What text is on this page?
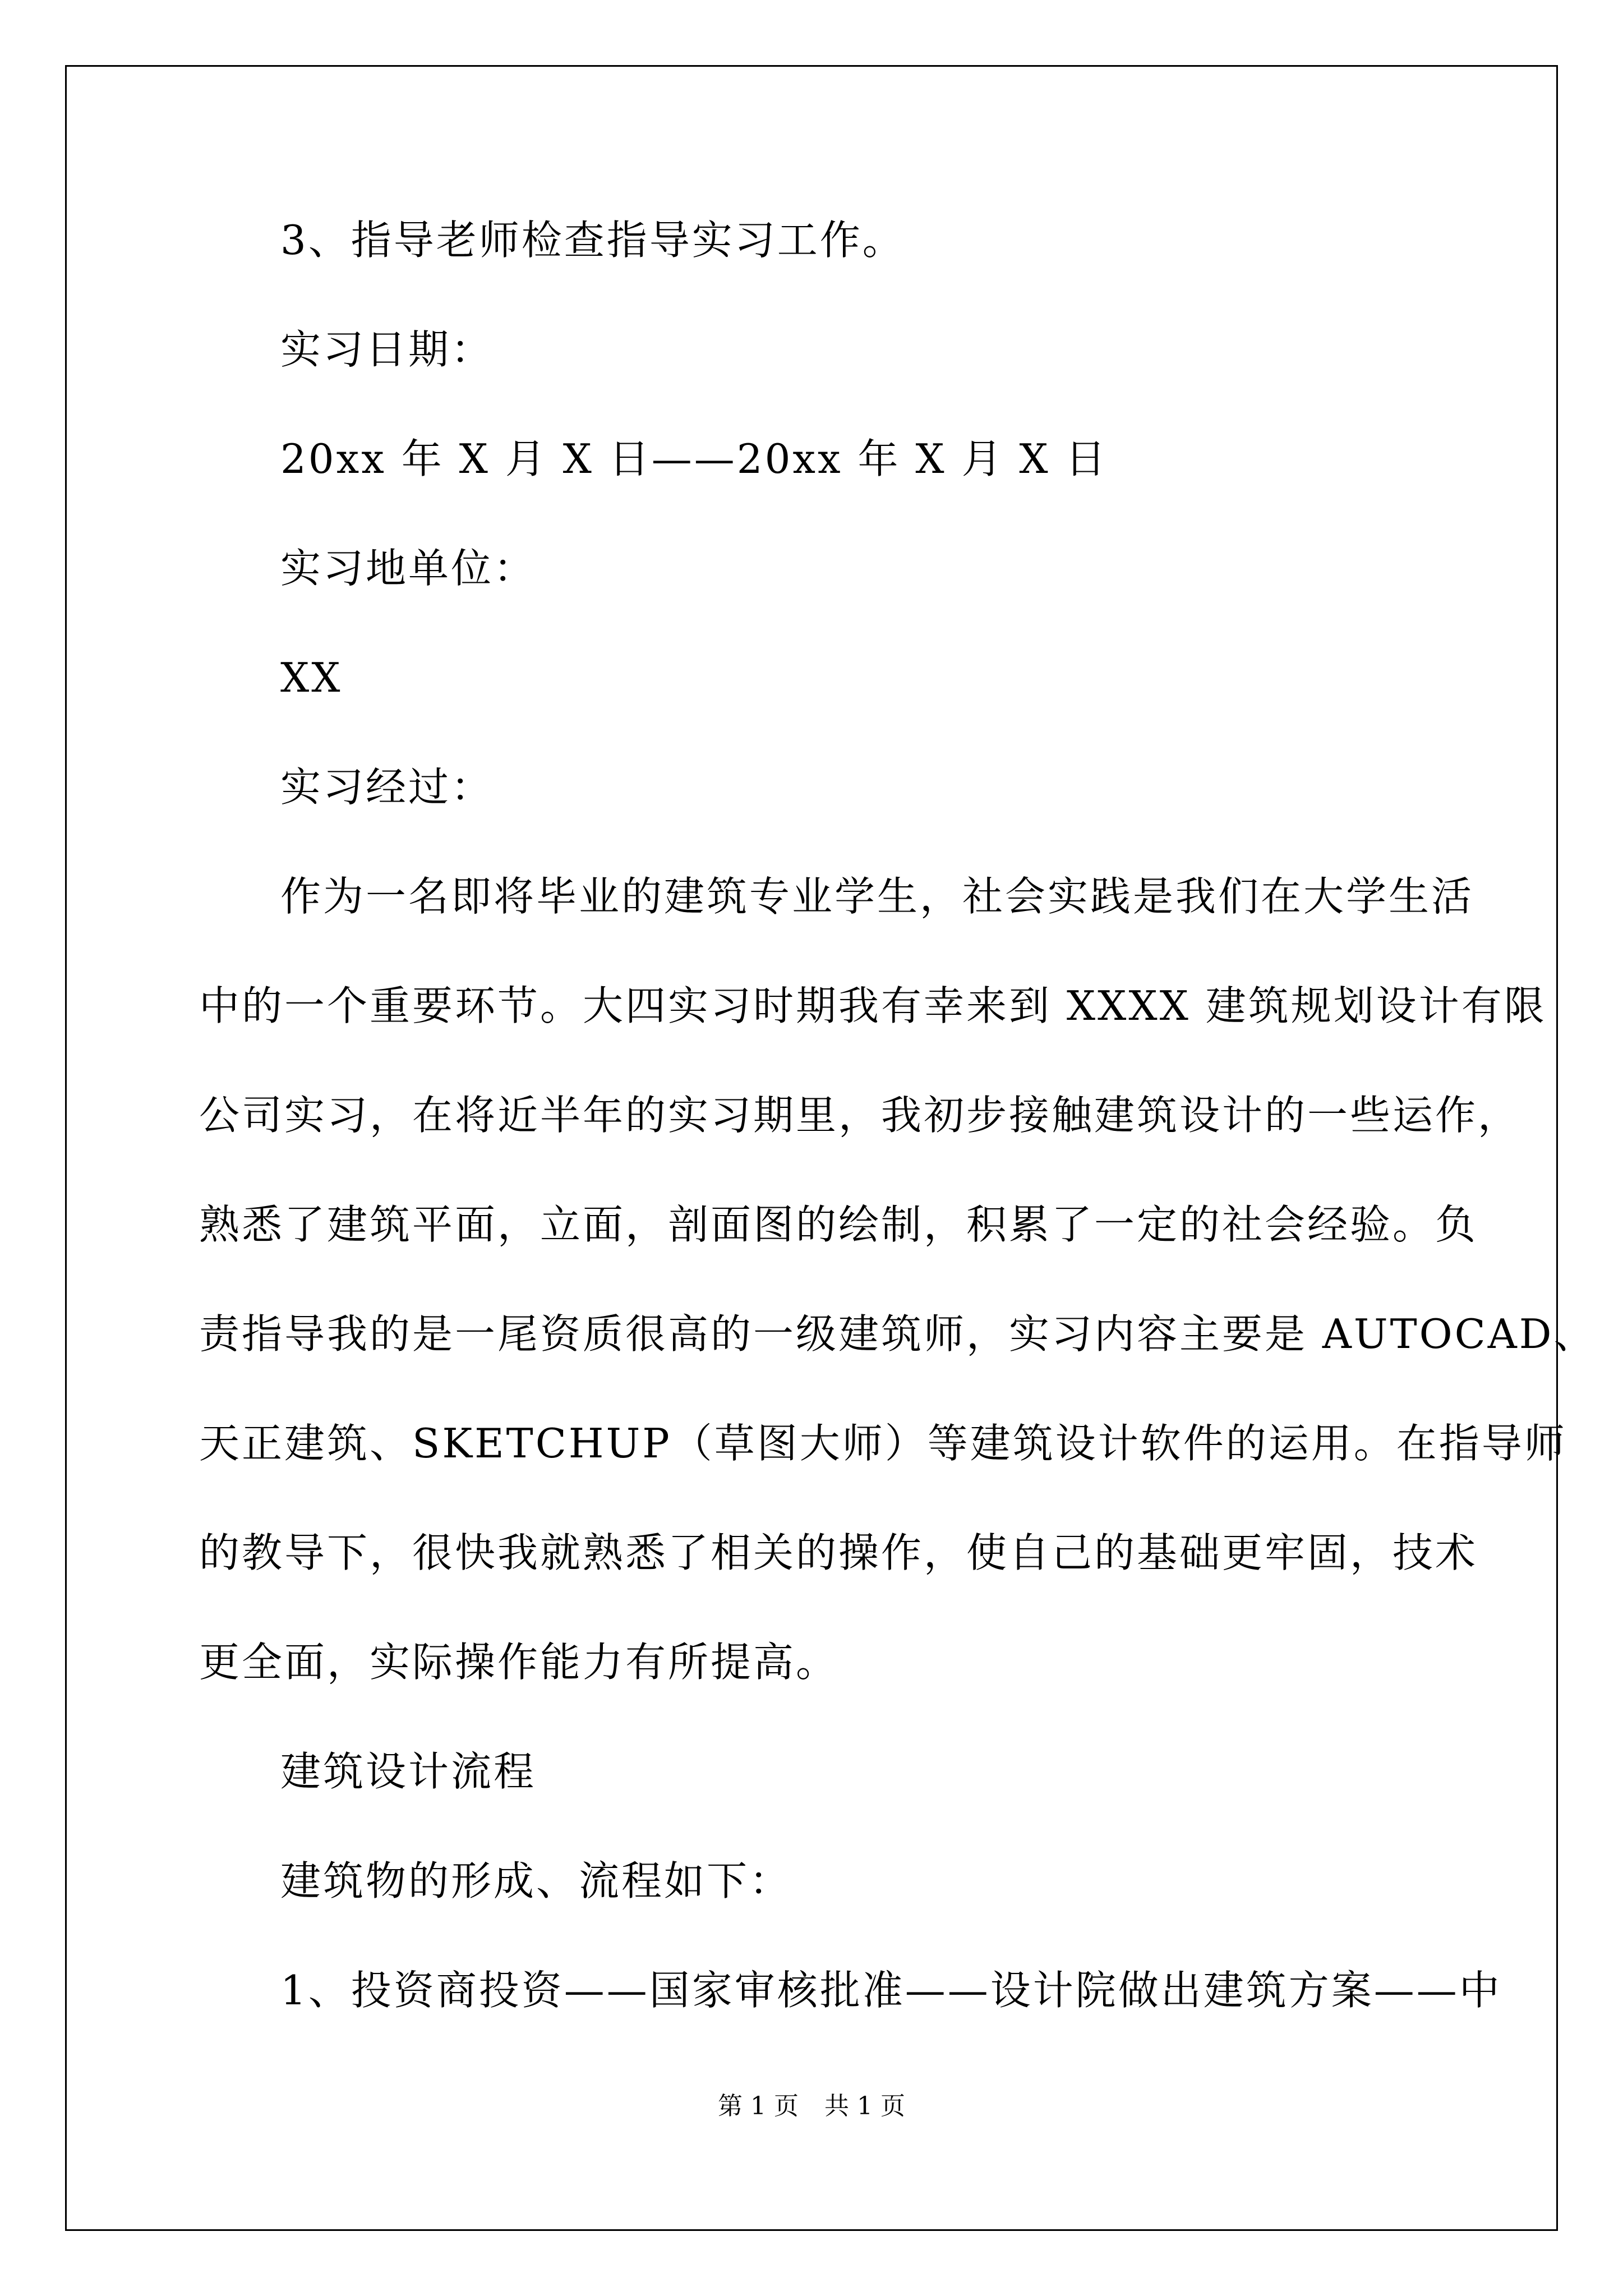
3、指导老师检查指导实习工作。
实习日期：
20xx 年 X 月 X 日——20xx 年 X 月 X 日
实习地单位：
XX
实习经过：
作为一名即将毕业的建筑专业学生，社会实践是我们在大学生活
中的一个重要环节。大四实习时期我有幸来到 XXXX 建筑规划设计有限
公司实习，在将近半年的实习期里，我初步接触建筑设计的一些运作，
熟悉了建筑平面，立面，剖面图的绘制，积累了一定的社会经验。负
责指导我的是一尾资质很高的一级建筑师，实习内容主要是 AUTOCAD、
天正建筑、SKETCHUP（草图大师）等建筑设计软件的运用。在指导师
的教导下，很快我就熟悉了相关的操作，使自己的基础更牢固，技术
更全面，实际操作能力有所提高。
建筑设计流程
建筑物的形成、流程如下：
1、投资商投资——国家审核批准——设计院做出建筑方案——中
第 1 页 共 1 页
